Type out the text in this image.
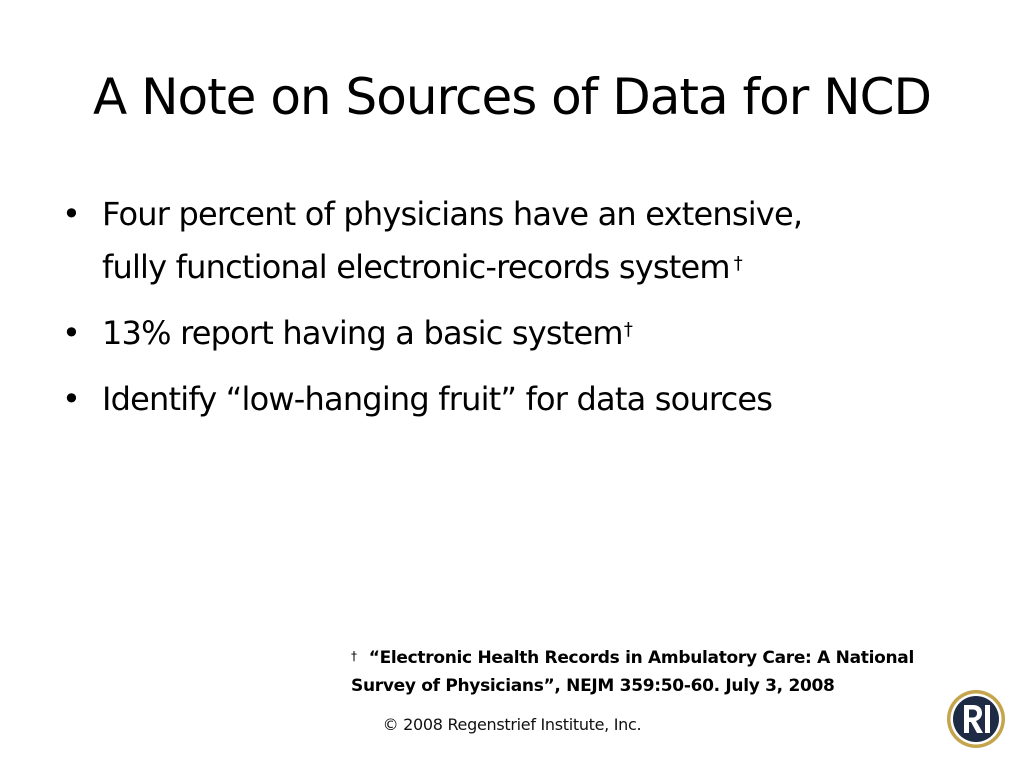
A Note on Sources of Data for NCD
• Four percent of physicians have an extensive,
fully functional electronic-records system †
• 13% report having a basic system†
• Identify “low-hanging fruit” for data sources
† “Electronic Health Records in Ambulatory Care: A National
Survey of Physicians”, NEJM 359:50-60. July 3, 2008
© 2008 Regenstrief Institute, Inc.
